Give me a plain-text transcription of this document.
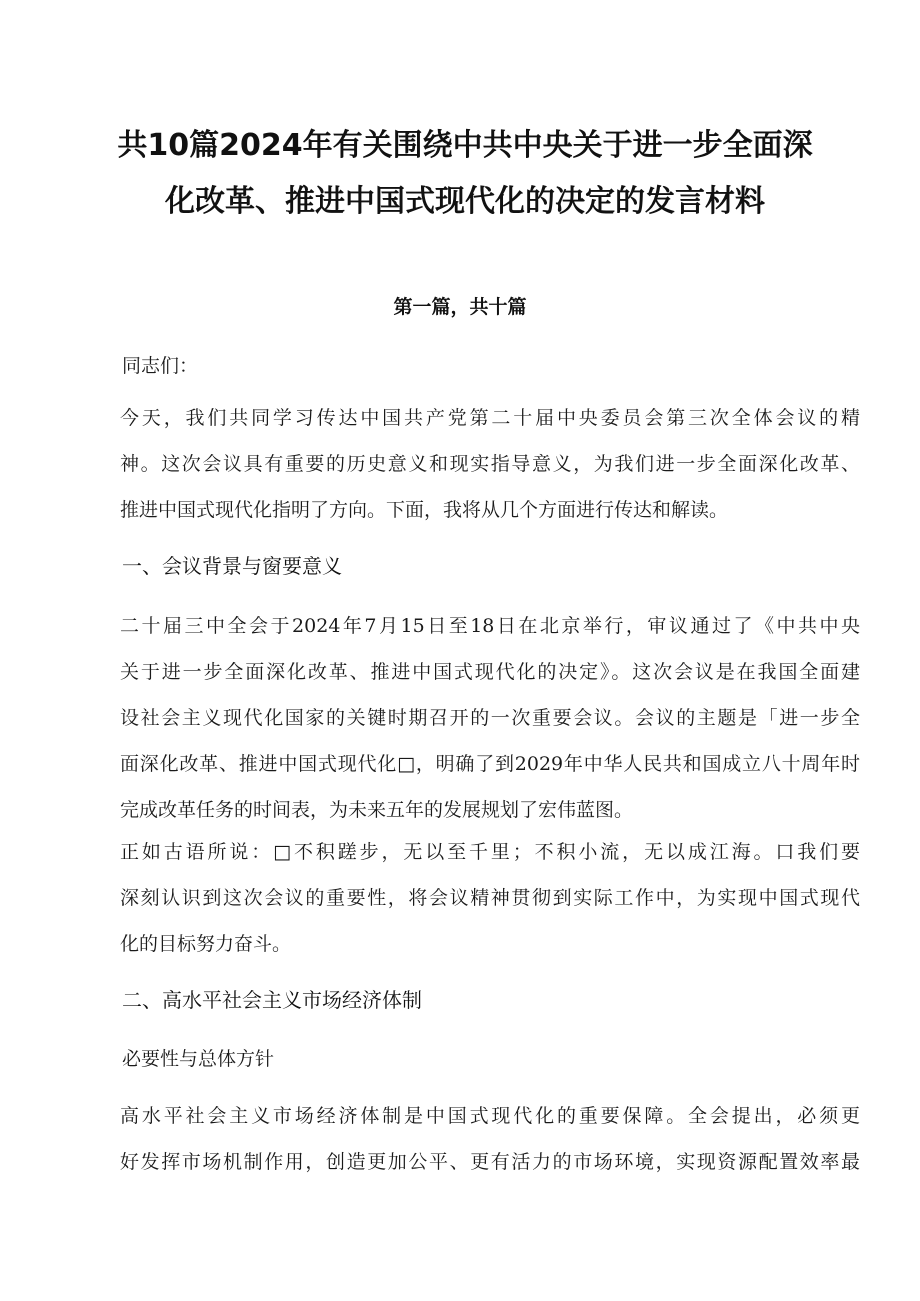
共10篇2024年有关围绕中共中央关于进一步全面深
化改革、推进中国式现代化的决定的发言材料
第一篇，共十篇
同志们：
今天，我们共同学习传达中国共产党第二十届中央委员会第三次全体会议的精
神。这次会议具有重要的历史意义和现实指导意义，为我们进一步全面深化改革、
推进中国式现代化指明了方向。下面，我将从几个方面进行传达和解读。
一、会议背景与窗要意义
二十届三中全会于2024年7月15日至18日在北京举行，审议通过了《中共中央
关于进一步全面深化改革、推进中国式现代化的决定》。这次会议是在我国全面建
设社会主义现代化国家的关键时期召开的一次重要会议。会议的主题是「进一步全
面深化改革、推进中国式现代化□，明确了到2029年中华人民共和国成立八十周年时
完成改革任务的时间表，为未来五年的发展规划了宏伟蓝图。
正如古语所说：□不积蹉步，无以至千里；不积小流，无以成江海。口我们要
深刻认识到这次会议的重要性，将会议精神贯彻到实际工作中，为实现中国式现代
化的目标努力奋斗。
二、高水平社会主义市场经济体制
必要性与总体方针
高水平社会主义市场经济体制是中国式现代化的重要保障。全会提出，必须更
好发挥市场机制作用，创造更加公平、更有活力的市场环境，实现资源配置效率最
